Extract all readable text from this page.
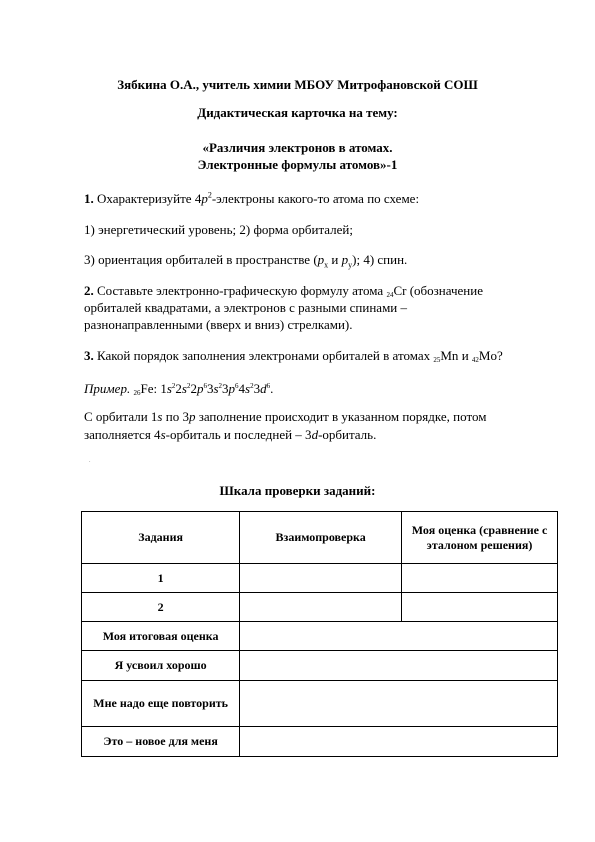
Зябкина О.А., учитель химии МБОУ Митрофановской СОШ
Дидактическая карточка на тему:
«Различия электронов в атомах.
Электронные формулы атомов»-1
1. Охарактеризуйте $4p^2$-электроны какого-то атома по схеме:
1) энергетический уровень; 2) форма орбиталей;
3) ориентация орбиталей в пространстве ($p_x$ и $p_y$); 4) спин.
2. Составьте электронно-графическую формулу атома 24Cr (обозначение
орбиталей квадратами, а электронов с разными спинами –
разнонаправленными (вверх и вниз) стрелками).
3. Какой порядок заполнения электронами орбиталей в атомах 25Mn и 42Mo?
Пример. 26Fe: $1s^22s^22p^63s^23p^64s^23d^6$.
С орбитали 1s по 3p заполнение происходит в указанном порядке, потом
заполняется 4s-орбиталь и последней – 3d-орбиталь.
.
Шкала проверки заданий:
Задания	Взаимопроверка	Моя оценка (сравнение с эталоном решения)
1		
2		
Моя итоговая оценка		
Я усвоил хорошо		
Мне надо еще повторить		
Это – новое для меня		
